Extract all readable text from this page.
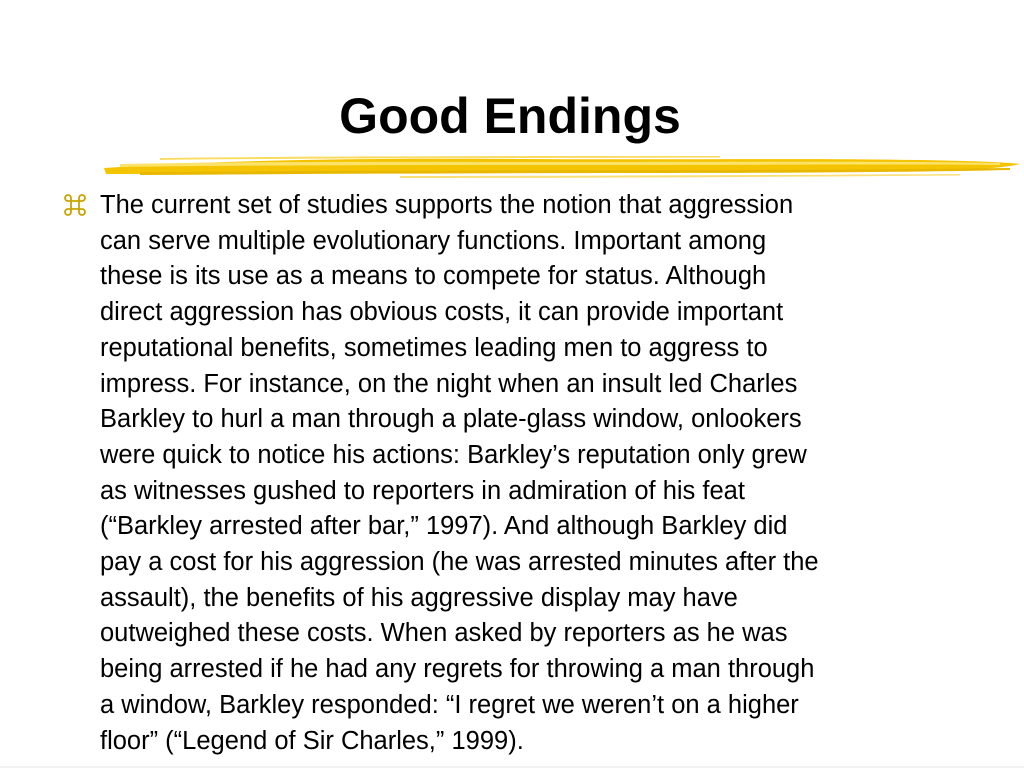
Good Endings

The current set of studies supports the notion that aggression
can serve multiple evolutionary functions. Important among
these is its use as a means to compete for status. Although
direct aggression has obvious costs, it can provide important
reputational benefits, sometimes leading men to aggress to
impress. For instance, on the night when an insult led Charles
Barkley to hurl a man through a plate-glass window, onlookers
were quick to notice his actions: Barkley’s reputation only grew
as witnesses gushed to reporters in admiration of his feat
(“Barkley arrested after bar,” 1997). And although Barkley did
pay a cost for his aggression (he was arrested minutes after the
assault), the benefits of his aggressive display may have
outweighed these costs. When asked by reporters as he was
being arrested if he had any regrets for throwing a man through
a window, Barkley responded: “I regret we weren’t on a higher
floor” (“Legend of Sir Charles,” 1999).
